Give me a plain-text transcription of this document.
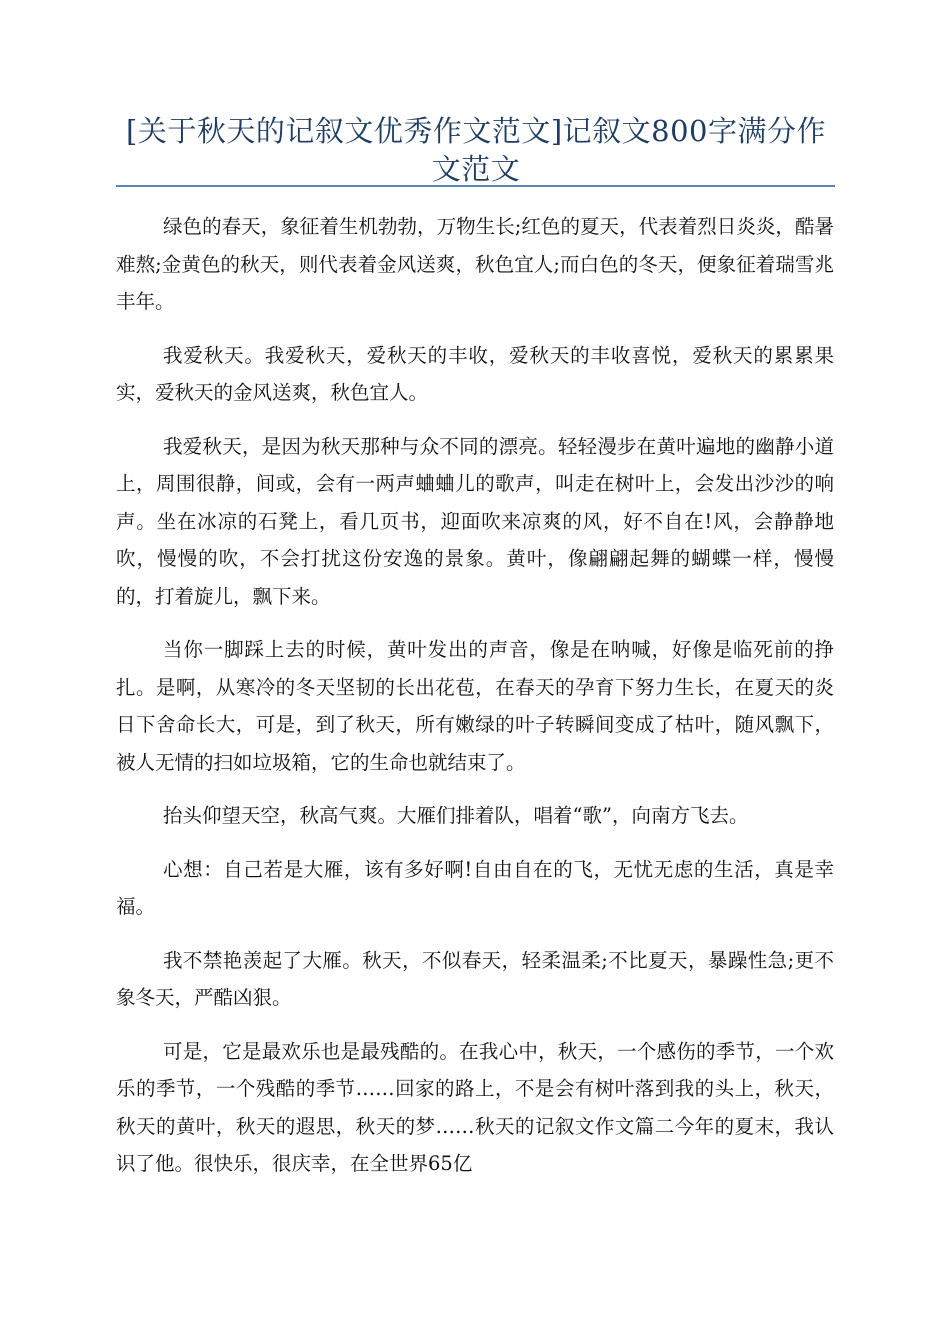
[关于秋天的记叙文优秀作文范文]记叙文800字满分作文范文

绿色的春天，象征着生机勃勃，万物生长;红色的夏天，代表着烈日炎炎，酷暑难熬;金黄色的秋天，则代表着金风送爽，秋色宜人;而白色的冬天，便象征着瑞雪兆丰年。

我爱秋天。我爱秋天，爱秋天的丰收，爱秋天的丰收喜悦，爱秋天的累累果实，爱秋天的金风送爽，秋色宜人。

我爱秋天，是因为秋天那种与众不同的漂亮。轻轻漫步在黄叶遍地的幽静小道上，周围很静，间或，会有一两声蛐蛐儿的歌声，叫走在树叶上，会发出沙沙的响声。坐在冰凉的石凳上，看几页书，迎面吹来凉爽的风，好不自在!风，会静静地吹，慢慢的吹，不会打扰这份安逸的景象。黄叶，像翩翩起舞的蝴蝶一样，慢慢的，打着旋儿，飘下来。

当你一脚踩上去的时候，黄叶发出的声音，像是在呐喊，好像是临死前的挣扎。是啊，从寒冷的冬天坚韧的长出花苞，在春天的孕育下努力生长，在夏天的炎日下舍命长大，可是，到了秋天，所有嫩绿的叶子转瞬间变成了枯叶，随风飘下，被人无情的扫如垃圾箱，它的生命也就结束了。

抬头仰望天空，秋高气爽。大雁们排着队，唱着“歌”，向南方飞去。

心想：自己若是大雁，该有多好啊!自由自在的飞，无忧无虑的生活，真是幸福。

我不禁艳羡起了大雁。秋天，不似春天，轻柔温柔;不比夏天，暴躁性急;更不象冬天，严酷凶狠。

可是，它是最欢乐也是最残酷的。在我心中，秋天，一个感伤的季节，一个欢乐的季节，一个残酷的季节……回家的路上，不是会有树叶落到我的头上，秋天，秋天的黄叶，秋天的遐思，秋天的梦……秋天的记叙文作文篇二今年的夏末，我认识了他。很快乐，很庆幸，在全世界65亿
